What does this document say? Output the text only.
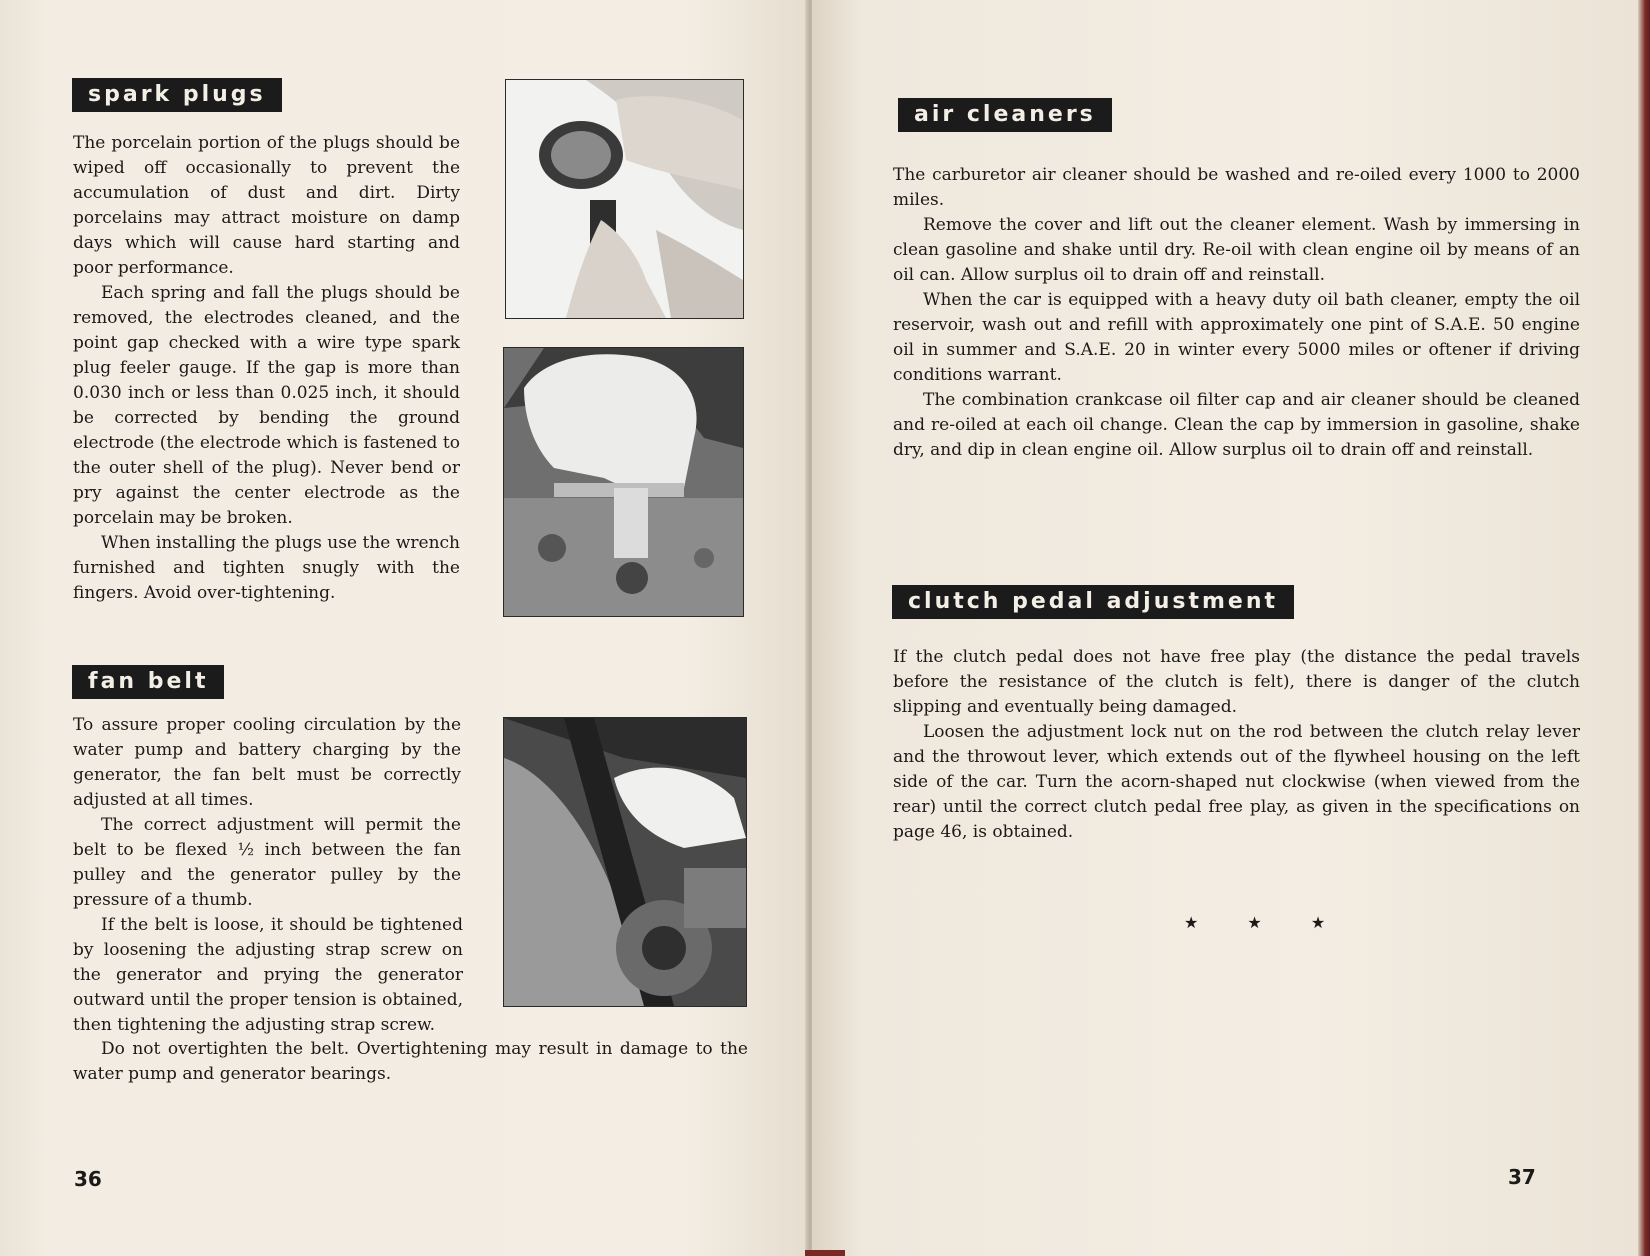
spark plugs

The porcelain portion of the plugs should be wiped off occasionally to prevent the accumulation of dust and dirt. Dirty porcelains may attract moisture on damp days which will cause hard starting and poor performance.

Each spring and fall the plugs should be removed, the electrodes cleaned, and the point gap checked with a wire type spark plug feeler gauge. If the gap is more than 0.030 inch or less than 0.025 inch, it should be corrected by bending the ground electrode (the electrode which is fastened to the outer shell of the plug). Never bend or pry against the center electrode as the porcelain may be broken.

When installing the plugs use the wrench furnished and tighten snugly with the fingers. Avoid over-tightening.

fan belt

To assure proper cooling circulation by the water pump and battery charging by the generator, the fan belt must be correctly adjusted at all times.

The correct adjustment will permit the belt to be flexed ½ inch between the fan pulley and the generator pulley by the pressure of a thumb.

If the belt is loose, it should be tightened by loosening the adjusting strap screw on the generator and prying the generator outward until the proper tension is obtained, then tightening the adjusting strap screw.

Do not overtighten the belt. Overtightening may result in damage to the water pump and generator bearings.

36
air cleaners

The carburetor air cleaner should be washed and re-oiled every 1000 to 2000 miles.

Remove the cover and lift out the cleaner element. Wash by immersing in clean gasoline and shake until dry. Re-oil with clean engine oil by means of an oil can. Allow surplus oil to drain off and reinstall.

When the car is equipped with a heavy duty oil bath cleaner, empty the oil reservoir, wash out and refill with approximately one pint of S.A.E. 50 engine oil in summer and S.A.E. 20 in winter every 5000 miles or oftener if driving conditions warrant.

The combination crankcase oil filter cap and air cleaner should be cleaned and re-oiled at each oil change. Clean the cap by immersion in gasoline, shake dry, and dip in clean engine oil. Allow surplus oil to drain off and reinstall.

clutch pedal adjustment

If the clutch pedal does not have free play (the distance the pedal travels before the resistance of the clutch is felt), there is danger of the clutch slipping and eventually being damaged.

Loosen the adjustment lock nut on the rod between the clutch relay lever and the throwout lever, which extends out of the flywheel housing on the left side of the car. Turn the acorn-shaped nut clockwise (when viewed from the rear) until the correct clutch pedal free play, as given in the specifications on page 46, is obtained.

★ ★ ★
37
